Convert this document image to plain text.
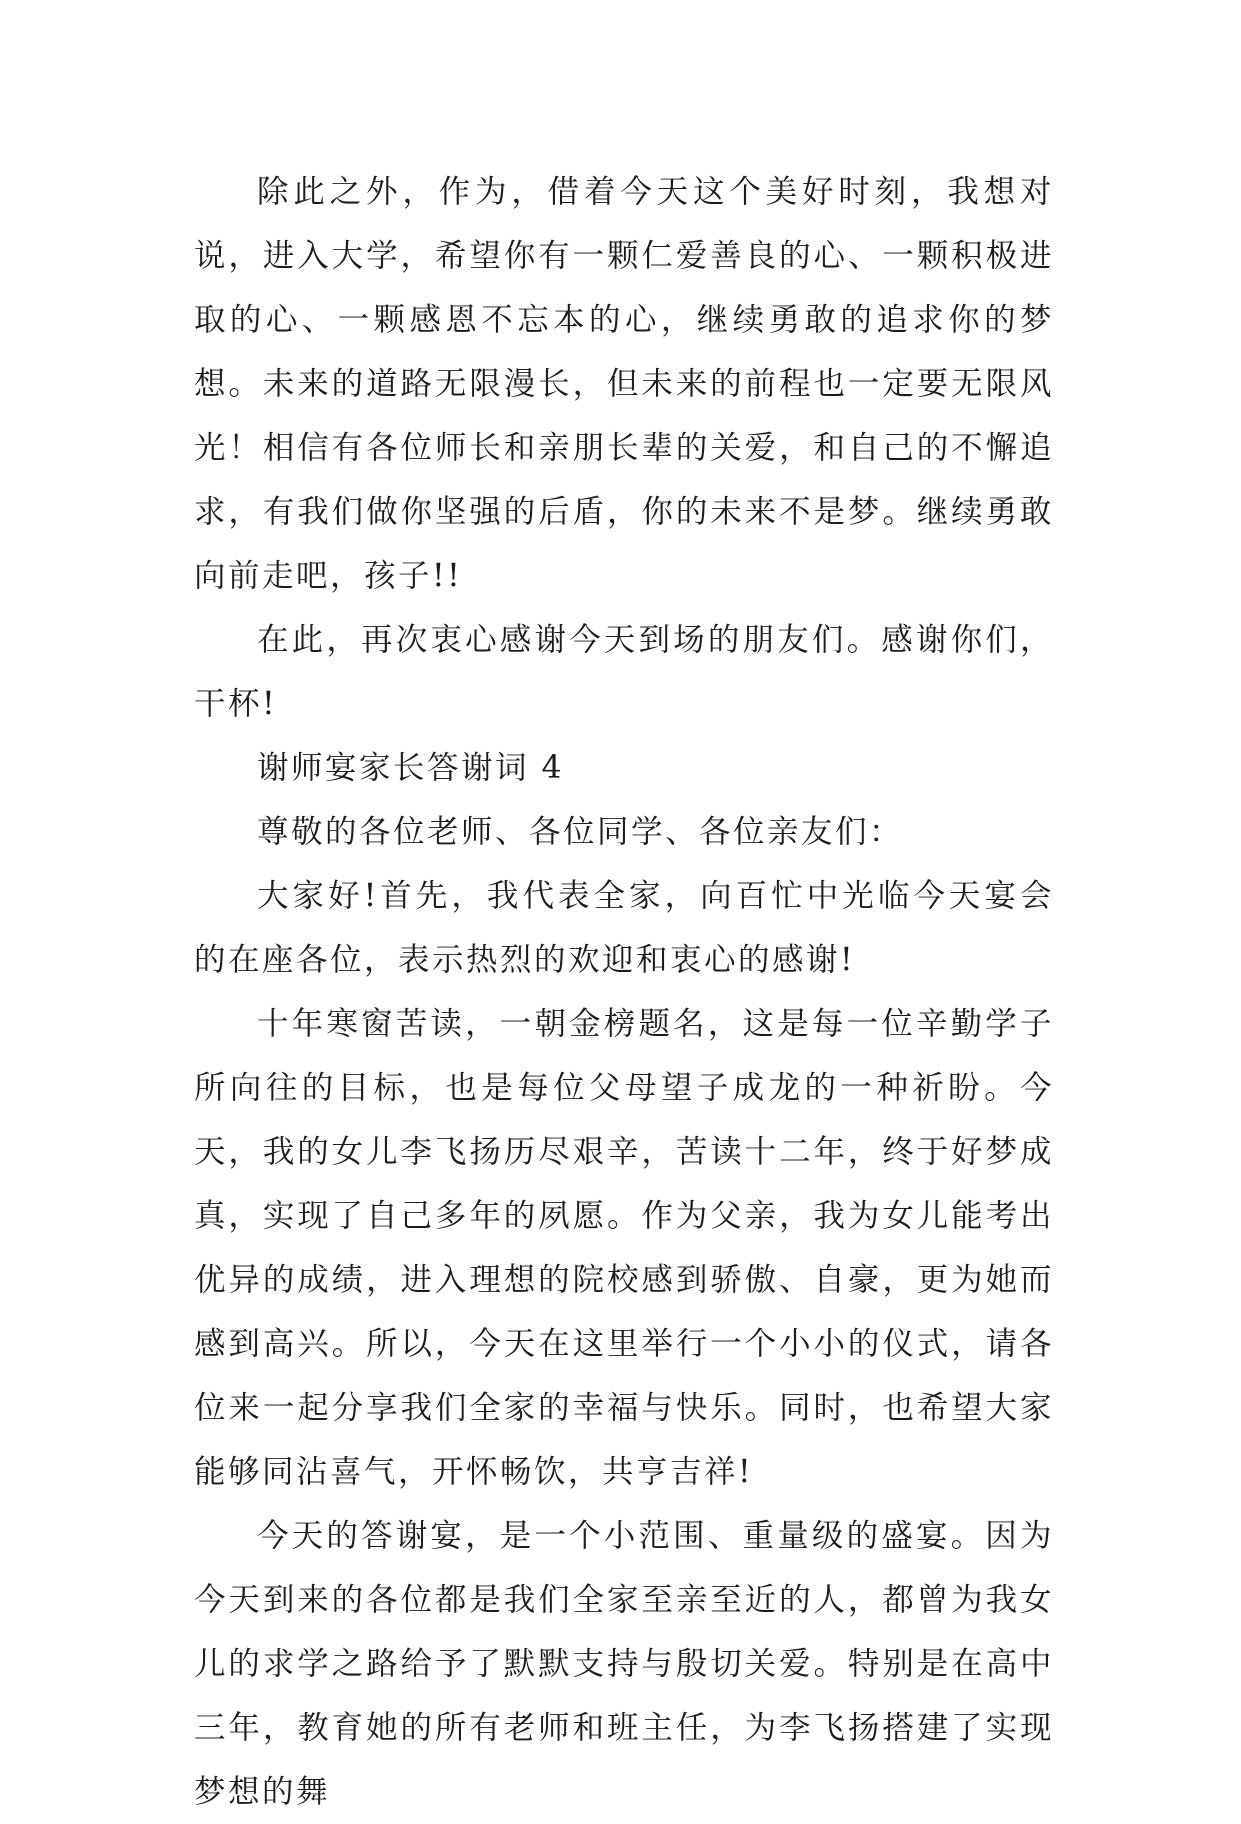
除此之外，作为，借着今天这个美好时刻，我想对说，进入大学，希望你有一颗仁爱善良的心、一颗积极进取的心、一颗感恩不忘本的心，继续勇敢的追求你的梦想。未来的道路无限漫长，但未来的前程也一定要无限风光！相信有各位师长和亲朋长辈的关爱，和自己的不懈追求，有我们做你坚强的后盾，你的未来不是梦。继续勇敢向前走吧，孩子!!

在此，再次衷心感谢今天到场的朋友们。感谢你们，干杯!

谢师宴家长答谢词 4

尊敬的各位老师、各位同学、各位亲友们：

大家好!首先，我代表全家，向百忙中光临今天宴会的在座各位，表示热烈的欢迎和衷心的感谢!

十年寒窗苦读，一朝金榜题名，这是每一位辛勤学子所向往的目标，也是每位父母望子成龙的一种祈盼。今天，我的女儿李飞扬历尽艰辛，苦读十二年，终于好梦成真，实现了自己多年的夙愿。作为父亲，我为女儿能考出优异的成绩，进入理想的院校感到骄傲、自豪，更为她而感到高兴。所以，今天在这里举行一个小小的仪式，请各位来一起分享我们全家的幸福与快乐。同时，也希望大家能够同沾喜气，开怀畅饮，共亨吉祥!

今天的答谢宴，是一个小范围、重量级的盛宴。因为今天到来的各位都是我们全家至亲至近的人，都曾为我女儿的求学之路给予了默默支持与殷切关爱。特别是在高中三年，教育她的所有老师和班主任，为李飞扬搭建了实现梦想的舞
